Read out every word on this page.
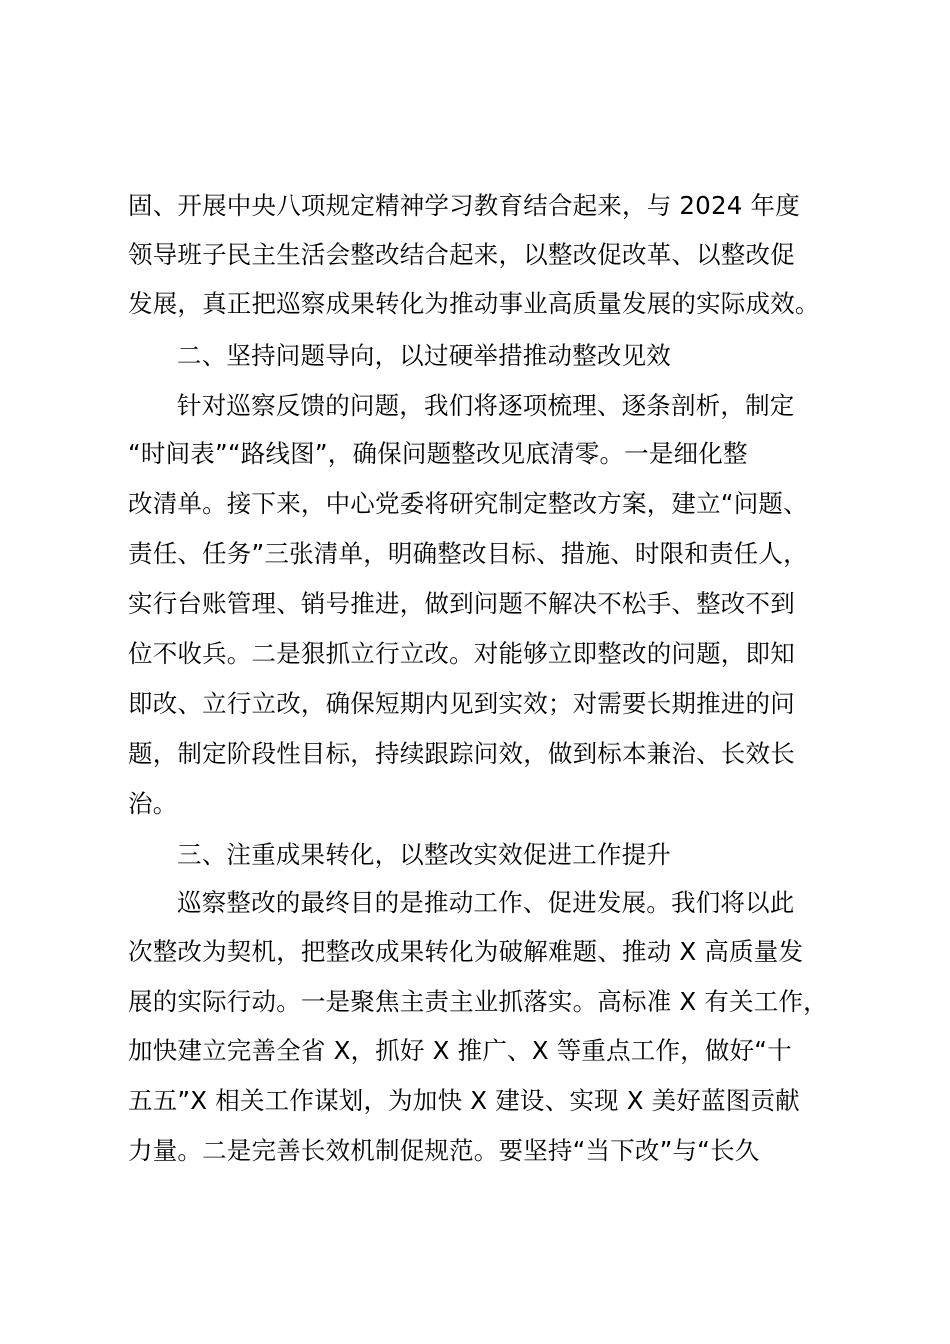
固、开展中央八项规定精神学习教育结合起来，与 2024 年度
领导班子民主生活会整改结合起来，以整改促改革、以整改促
发展，真正把巡察成果转化为推动事业高质量发展的实际成效。
二、坚持问题导向，以过硬举措推动整改见效
针对巡察反馈的问题，我们将逐项梳理、逐条剖析，制定
“时间表”“路线图”，确保问题整改见底清零。一是细化整
改清单。接下来，中心党委将研究制定整改方案，建立“问题、
责任、任务”三张清单，明确整改目标、措施、时限和责任人，
实行台账管理、销号推进，做到问题不解决不松手、整改不到
位不收兵。二是狠抓立行立改。对能够立即整改的问题，即知
即改、立行立改，确保短期内见到实效；对需要长期推进的问
题，制定阶段性目标，持续跟踪问效，做到标本兼治、长效长
治。
三、注重成果转化，以整改实效促进工作提升
巡察整改的最终目的是推动工作、促进发展。我们将以此
次整改为契机，把整改成果转化为破解难题、推动 X 高质量发
展的实际行动。一是聚焦主责主业抓落实。高标准 X 有关工作，
加快建立完善全省 X，抓好 X 推广、X 等重点工作，做好“十
五五”X 相关工作谋划，为加快 X 建设、实现 X 美好蓝图贡献
力量。二是完善长效机制促规范。要坚持“当下改”与“长久
